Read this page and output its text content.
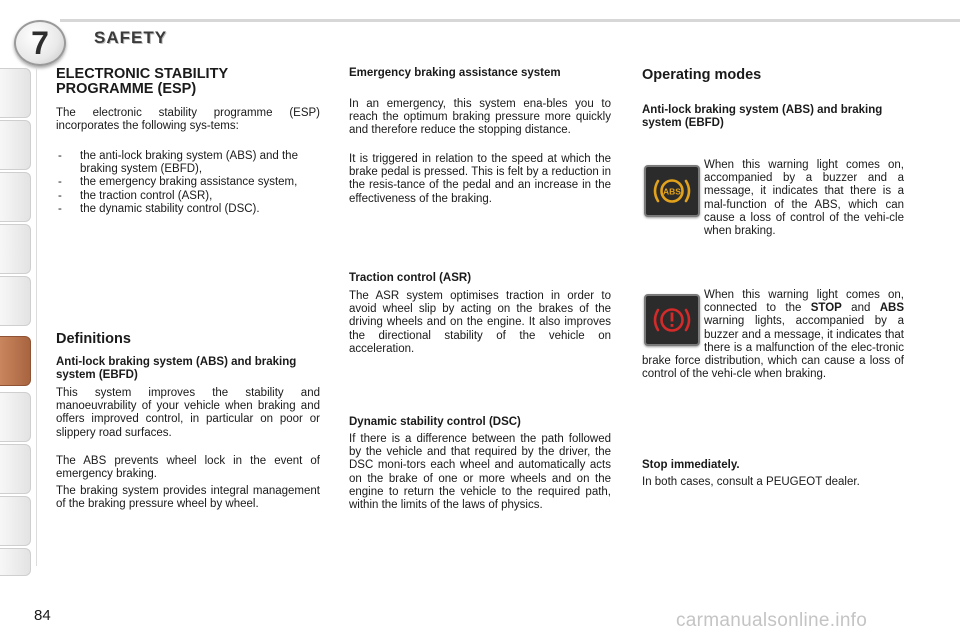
7	SAFETY
ELECTRONIC STABILITY PROGRAMME (ESP)

The electronic stability programme (ESP) incorporates the following sys-tems:

- the anti-lock braking system (ABS) and the braking system (EBFD),
- the emergency braking assistance system,
- the traction control (ASR),
- the dynamic stability control (DSC).
Definitions
Anti-lock braking system (ABS) and braking system (EBFD)

This system improves the stability and manoeuvrability of your vehicle when braking and offers improved control, in particular on poor or slippery road surfaces.

The ABS prevents wheel lock in the event of emergency braking.

The braking system provides integral management of the braking pressure wheel by wheel.

Emergency braking assistance system

In an emergency, this system ena-bles you to reach the optimum braking pressure more quickly and therefore reduce the stopping distance.

It is triggered in relation to the speed at which the brake pedal is pressed. This is felt by a reduction in the resis-tance of the pedal and an increase in the effectiveness of the braking.

Traction control (ASR)

The ASR system optimises traction in order to avoid wheel slip by acting on the brakes of the driving wheels and on the engine. It also improves the directional stability of the vehicle on acceleration.

Dynamic stability control (DSC)

If there is a difference between the path followed by the vehicle and that required by the driver, the DSC moni-tors each wheel and automatically acts on the brake of one or more wheels and on the engine to return the vehicle to the required path, within the limits of the laws of physics.

Operating modes
Anti-lock braking system (ABS) and braking system (EBFD)
ABS

When this warning light comes on, accompanied by a buzzer and a message, it indicates that there is a mal-function of the ABS, which can cause a loss of control of the vehi-cle when braking.

When this warning light comes on, connected to the STOP and ABS warning lights, accompanied by a buzzer and a message, it indicates that there is a malfunction of the elec-tronic brake force distribution, which can cause a loss of control of the vehi-cle when braking.

Stop immediately.

In both cases, consult a PEUGEOT dealer.

84	carmanualsonline.info
